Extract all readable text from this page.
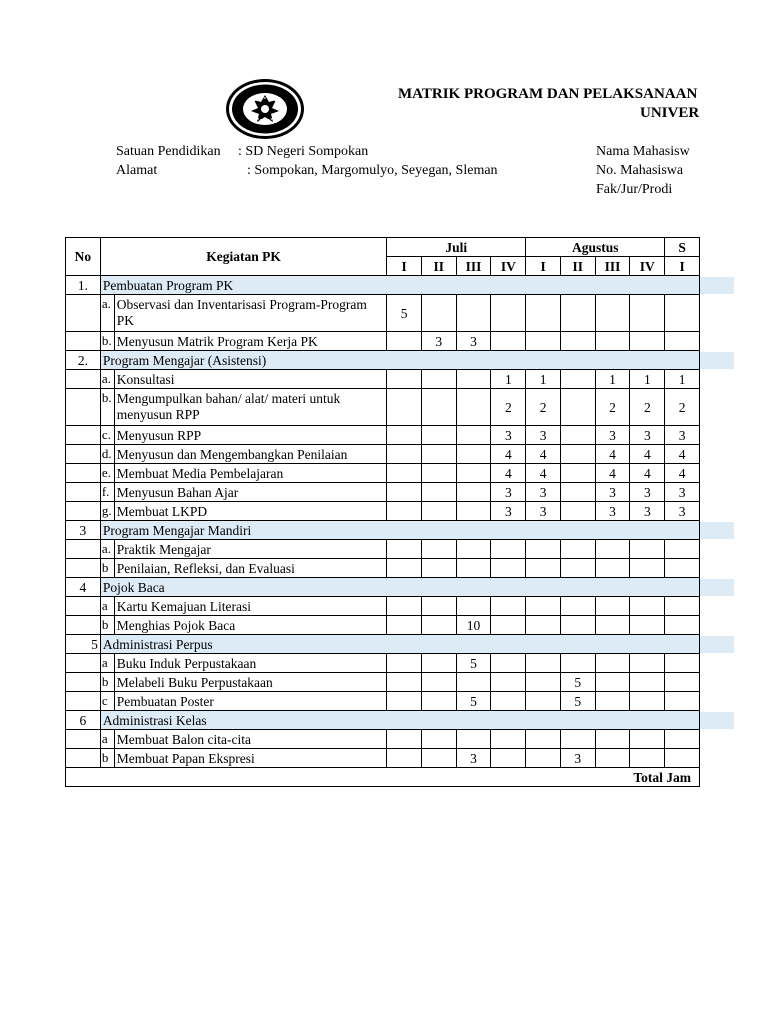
MATRIK PROGRAM DAN PELAKSANAAN
UNIVER
Satuan Pendidikan : SD Negeri Sompokan
Alamat	: Sompokan, Margomulyo, Seyegan, Sleman
Nama Mahasisw
No. Mahasiswa
Fak/Jur/Prodi
No	Kegiatan PK		Juli				Agustus				S
			I	II	III	IV	I	II	III	IV	I
1.	Pembuatan Program PK										
	a.	Observasi dan Inventarisasi Program-Program PK	5								
	b.	Menyusun Matrik Program Kerja PK		3	3						
2.	Program Mengajar (Asistensi)										
	a.	Konsultasi				1	1		1	1	1
	b.	Mengumpulkan bahan/ alat/ materi untuk menyusun RPP				2	2		2	2	2
	c.	Menyusun RPP				3	3		3	3	3
	d.	Menyusun dan Mengembangkan Penilaian				4	4		4	4	4
	e.	Membuat Media Pembelajaran				4	4		4	4	4
	f.	Menyusun Bahan Ajar				3	3		3	3	3
	g.	Membuat LKPD				3	3		3	3	3
3	Program Mengajar Mandiri										
	a.	Praktik Mengajar									
	b	Penilaian, Refleksi, dan Evaluasi									
4	Pojok Baca										
	a	Kartu Kemajuan Literasi									
	b	Menghias Pojok Baca			10						
5	Administrasi Perpus										
	a	Buku Induk Perpustakaan			5						
	b	Melabeli Buku Perpustakaan						5			
	c	Pembuatan Poster			5			5			
6	Administrasi Kelas										
	a	Membuat Balon cita-cita									
	b	Membuat Papan Ekspresi			3			3			
Total Jam											
